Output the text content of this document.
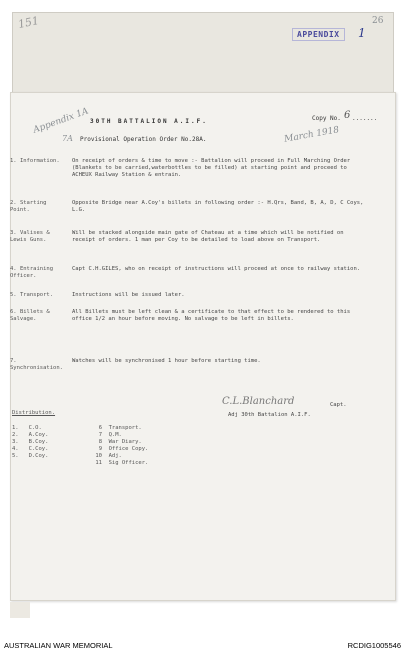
151	26
APPENDIX	1
Appendix 1A 30TH BATTALION A.I.F.	Copy No. 6 .......
March 1918
7A Provisional Operation Order No.28A.
1. Information. On receipt of orders & time to move :- Battalion will proceed in Full Marching Order (Blankets to be carried,waterbottles to be filled) at starting point and proceed to ACHEUX Railway Station & entrain.
2. Starting Point.
Opposite Bridge near A.Coy's billets in following order :- H.Qrs, Band, B, A, D, C Coys, L.G.
3. Valises & Lewis Guns.
Will be stacked alongside main gate of Chateau at a time which will be notified on receipt of orders. 1 man per Coy to be detailed to load above on Transport.
4. Entraining Officer.
Capt C.H.GILES, who on receipt of instructions will proceed at once to railway station.
5. Transport.	Instructions will be issued later.
6. Billets & Salvage.
All Billets must be left clean & a certificate to that effect to be rendered to this office 1/2 an hour before moving. No salvage to be left in billets.
7. Synchronisation.
Watches will be synchronised 1 hour before starting time.
C.L.Blanchard	Capt.
Adj 30th Battalion A.I.F.
Distribution.
1. C.O.
2. A.Coy.
3. B.Coy.
4. C.Coy.
5. D.Coy.
6 Transport.
7 Q.M.
8 War Diary.
9 Office Copy.
10 Adj.
11 Sig Officer.
AUSTRALIAN WAR MEMORIAL	RCDIG1005546
